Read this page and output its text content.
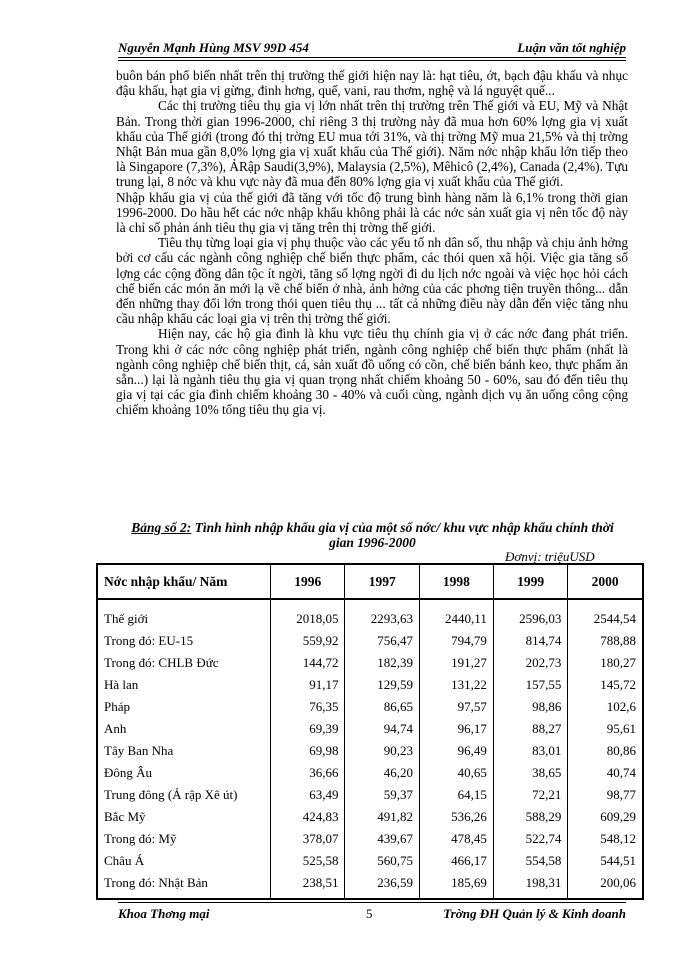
Nguyễn Mạnh Hùng MSV 99D 454	Luận văn tốt nghiệp

buôn bán phổ biến nhất trên thị trường thế giới hiện nay là: hạt tiêu, ớt, bạch đậu khấu và nhục đậu khấu, hạt gia vị gừng, đinh hơng, quế, vani, rau thơm, nghệ và lá nguyệt quế...

Các thị trường tiêu thụ gia vị lớn nhất trên thị trường trên Thế giới và EU, Mỹ và Nhật Bản. Trong thời gian 1996-2000, chỉ riêng 3 thị trường này đã mua hơn 60% lợng gia vị xuất khẩu của Thế giới (trong đó thị trờng EU mua tới 31%, và thị trờng Mỹ mua 21,5% và thị trờng Nhật Bản mua gần 8,0% lợng gia vị xuất khẩu của Thế giới). Năm nớc nhập khẩu lớn tiếp theo là Singapore (7,3%), ẢRập Saudi(3,9%), Malaysia (2,5%), Mêhicô (2,4%), Canada (2,4%). Tựu trung lại, 8 nớc và khu vực này đã mua đến 80% lợng gia vị xuất khẩu của Thế giới.

Nhập khẩu gia vị của thế giới đã tăng với tốc độ trung bình hàng năm là 6,1% trong thời gian 1996-2000. Do hầu hết các nớc nhập khẩu không phải là các nớc sản xuất gia vị nên tốc độ này là chỉ số phản ánh tiêu thụ gia vị tăng trên thị trờng thế giới.

Tiêu thụ từng loại gia vị phụ thuộc vào các yếu tố nh dân số, thu nhập và chịu ảnh hởng bởi cơ cấu các ngành công nghiệp chế biến thực phẩm, các thói quen xã hội. Việc gia tăng số lợng các cộng đồng dân tộc ít ngời, tăng số lợng ngời đi du lịch nớc ngoài và việc học hỏi cách chế biến các món ăn mới lạ về chế biến ở nhà, ảnh hởng của các phơng tiện truyền thông... dẫn đến những thay đổi lớn trong thói quen tiêu thụ ... tất cả những điều này dẫn đến việc tăng nhu cầu nhập khẩu các loại gia vị trên thị trờng thế giới.

Hiện nay, các hộ gia đình là khu vực tiêu thụ chính gia vị ở các nớc đang phát triển. Trong khi ở các nớc công nghiệp phát triển, ngành công nghiệp chế biến thực phẩm (nhất là ngành công nghiệp chế biến thịt, cá, sản xuất đồ uống có cồn, chế biến bánh keo, thực phẩm ăn sẵn...) lại là ngành tiêu thụ gia vị quan trọng nhất chiếm khoảng 50 - 60%, sau đó đến tiêu thụ gia vị tại các gia đình chiếm khoảng 30 - 40% và cuối cùng, ngành dịch vụ ăn uống công cộng chiếm khoảng 10% tổng tiêu thụ gia vị.

Bảng số 2: Tình hình nhập khẩu gia vị của một số nớc/ khu vực nhập khẩu chính thời gian 1996-2000
Đơnvị: triệuUSD
Nớc nhập khẩu/ Năm	1996	1997	1998	1999	2000
Thế giới	2018,05	2293,63	2440,11	2596,03	2544,54
Trong đó: EU-15	559,92	756,47	794,79	814,74	788,88
Trong đó: CHLB Đức	144,72	182,39	191,27	202,73	180,27
Hà lan	91,17	129,59	131,22	157,55	145,72
Pháp	76,35	86,65	97,57	98,86	102,6
Anh	69,39	94,74	96,17	88,27	95,61
Tây Ban Nha	69,98	90,23	96,49	83,01	80,86
Đông Âu	36,66	46,20	40,65	38,65	40,74
Trung đông (Ả rập Xê út)	63,49	59,37	64,15	72,21	98,77
Bắc Mỹ	424,83	491,82	536,26	588,29	609,29
Trong đó: Mỹ	378,07	439,67	478,45	522,74	548,12
Châu Á	525,58	560,75	466,17	554,58	544,51
Trong đó: Nhật Bản	238,51	236,59	185,69	198,31	200,06
Khoa Thơng mại	5	Trờng ĐH Quản lý & Kinh doanh
